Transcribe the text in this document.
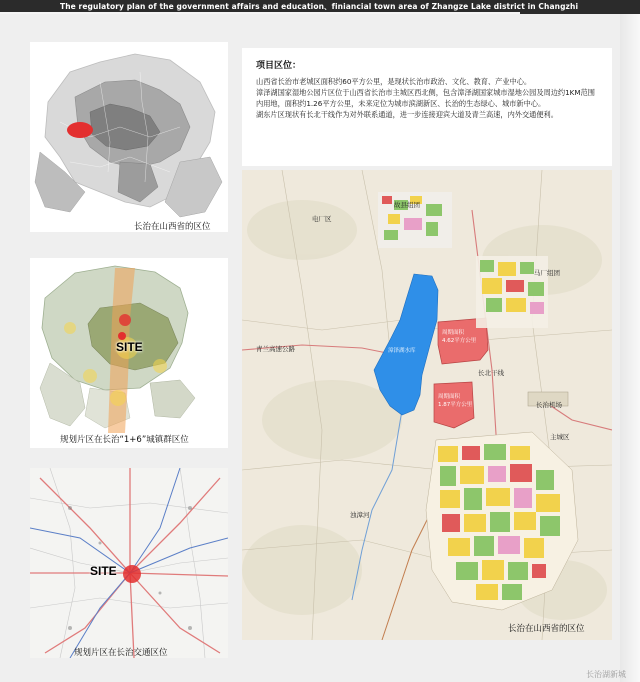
The regulatory plan of the government affairs and education、finiancial town area of Zhangze Lake district in Changzhi
长治在山西省的区位
SITE
规划片区在长治“1+6”城镇群区位
SITE
规划片区在长治交通区位
项目区位：

山西省长治市老城区面积约60平方公里，是现状长治市政治、文化、教育、产业中心。

漳泽湖国家湿地公园片区位于山西省长治市主城区西北侧，包含漳泽湖国家城市湿地公园及周边约1KM范围内用地，面积约1.26平方公里，未来定位为城市滨湖新区、长治的生态绿心、城市新中心。

湖东片区现状有长北干线作为对外联系通道，进一步连接迎宾大道及青兰高速，内外交通便利。

电厂区
故县组团
马厂组团
漳泽湖水库
周期面积
4.62平方公里
周期面积
1.87平方公里
长北干线
长治机场
主城区
青兰高速公路
浊漳河
长治在山西省的区位
长治湖新城
